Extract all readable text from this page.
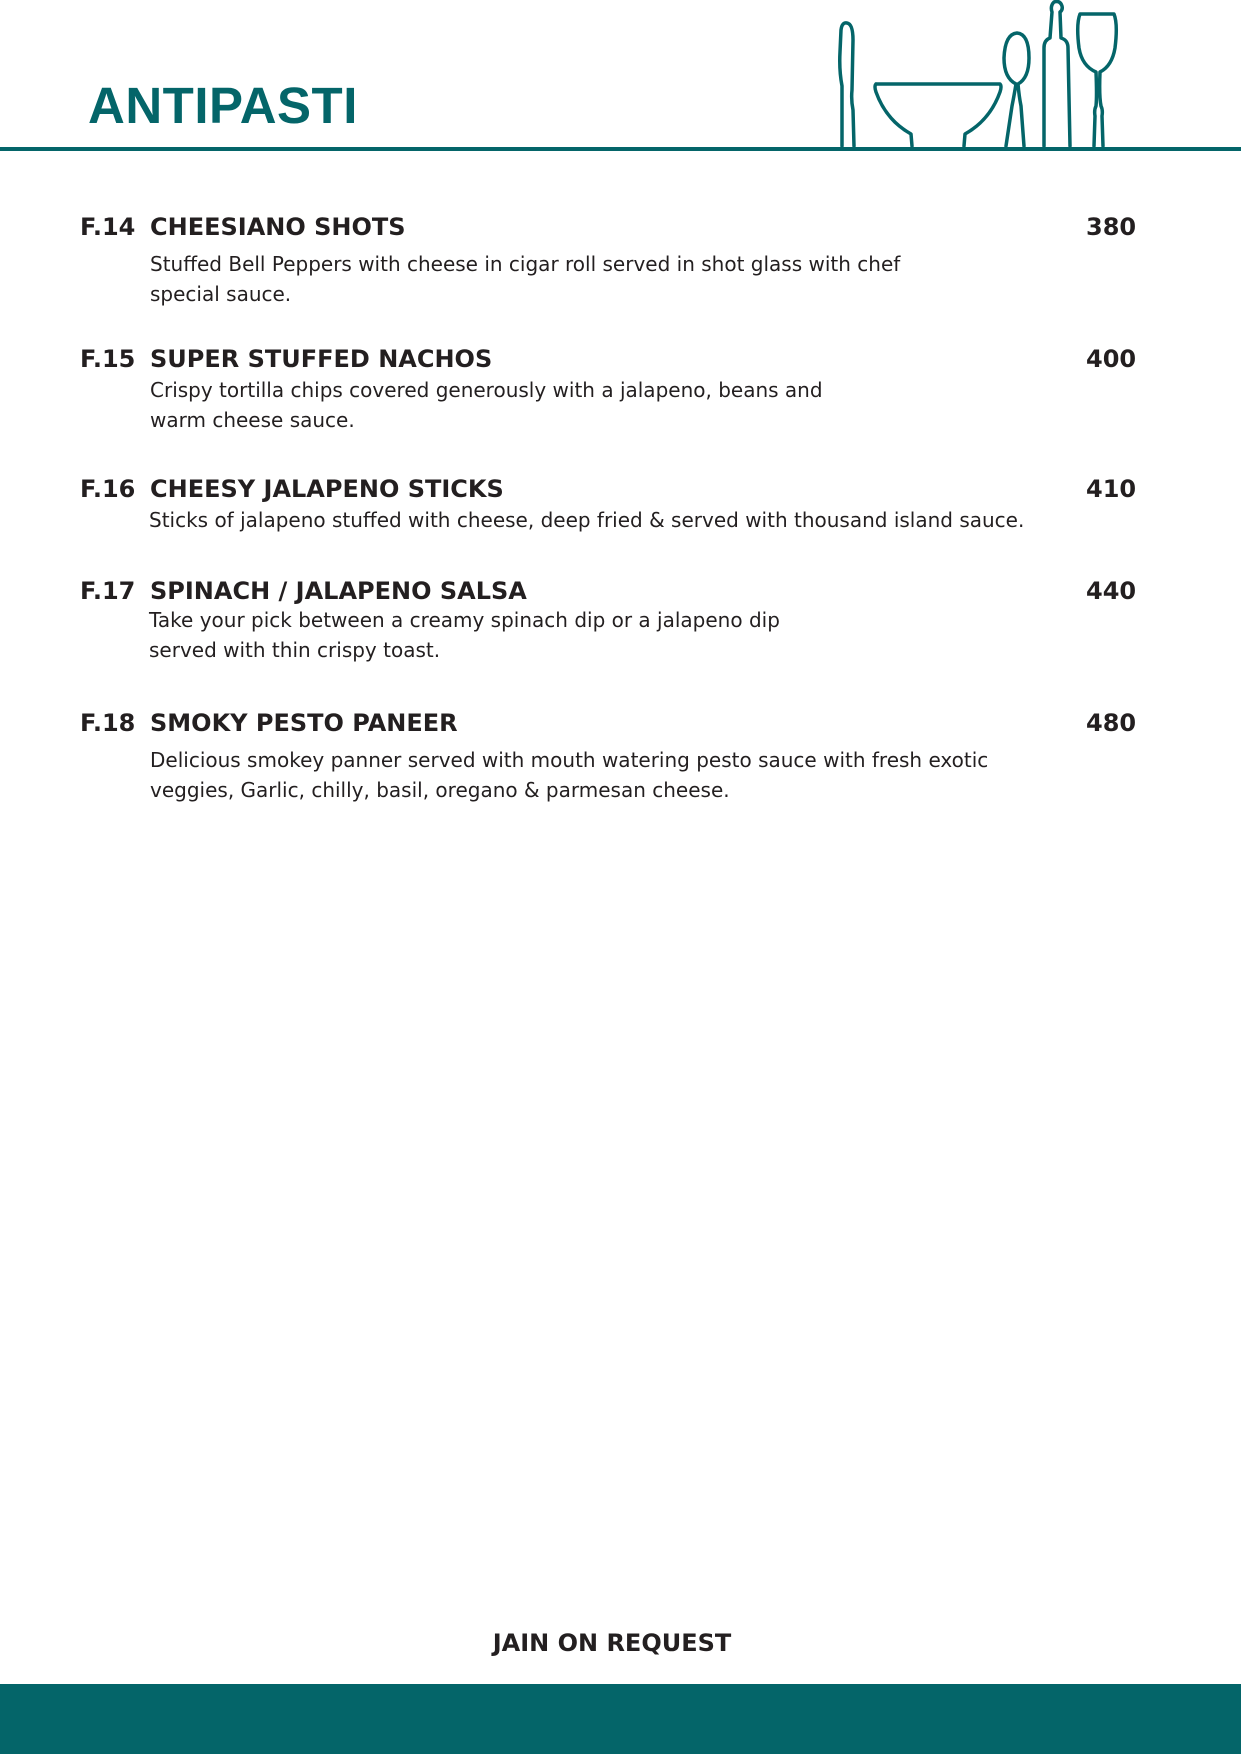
ANTIPASTI
F.14 CHEESIANO SHOTS	380
Stuffed Bell Peppers with cheese in cigar roll served in shot glass with chef
special sauce.
F.15 SUPER STUFFED NACHOS	400
Crispy tortilla chips covered generously with a jalapeno, beans and
warm cheese sauce.
F.16 CHEESY JALAPENO STICKS	410
Sticks of jalapeno stuffed with cheese, deep fried & served with thousand island sauce.
F.17 SPINACH / JALAPENO SALSA	440
Take your pick between a creamy spinach dip or a jalapeno dip
served with thin crispy toast.
F.18 SMOKY PESTO PANEER	480
Delicious smokey panner served with mouth watering pesto sauce with fresh exotic
veggies, Garlic, chilly, basil, oregano & parmesan cheese.
JAIN ON REQUEST
